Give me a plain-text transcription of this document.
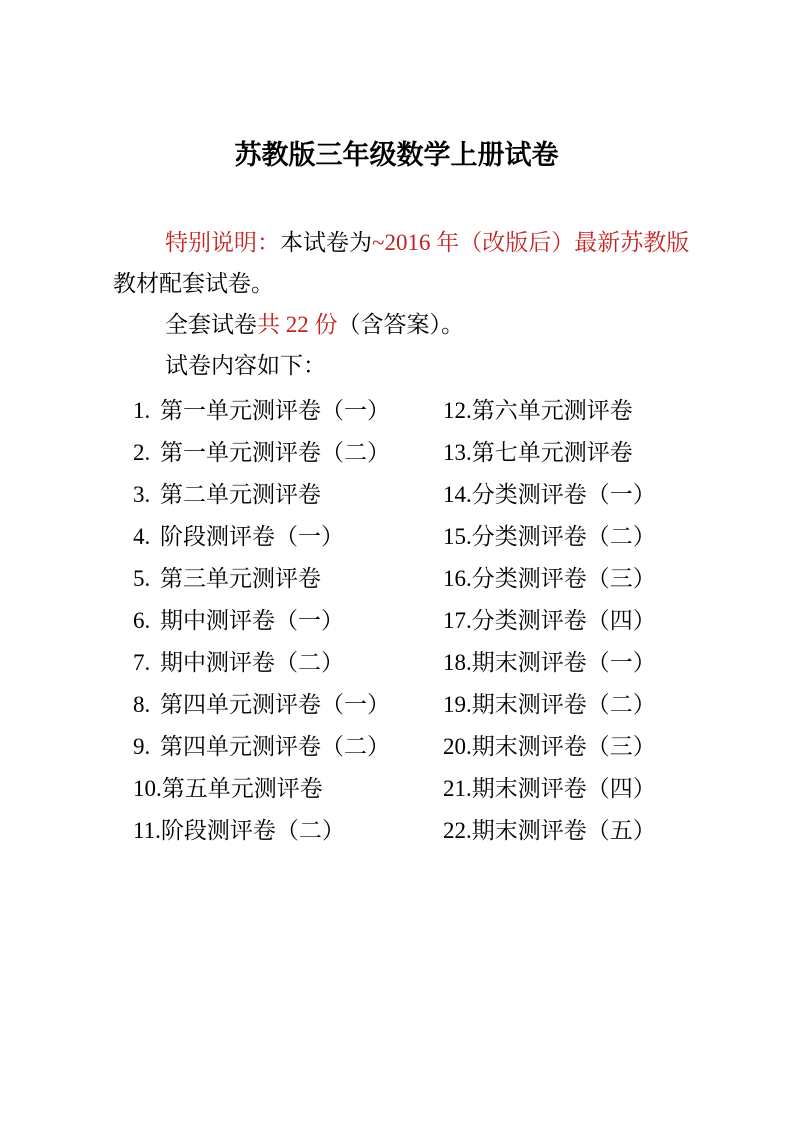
苏教版三年级数学上册试卷

特别说明：本试卷为~2016 年（改版后）最新苏教版教材配套试卷。

全套试卷共 22 份（含答案）。

试卷内容如下：

1. 第一单元测评卷（一）
2. 第一单元测评卷（二）
3. 第二单元测评卷
4. 阶段测评卷（一）
5. 第三单元测评卷
6. 期中测评卷（一）
7. 期中测评卷（二）
8. 第四单元测评卷（一）
9. 第四单元测评卷（二）
10.第五单元测评卷
11.阶段测评卷（二）
12.第六单元测评卷
13.第七单元测评卷
14.分类测评卷（一）
15.分类测评卷（二）
16.分类测评卷（三）
17.分类测评卷（四）
18.期末测评卷（一）
19.期末测评卷（二）
20.期末测评卷（三）
21.期末测评卷（四）
22.期末测评卷（五）
